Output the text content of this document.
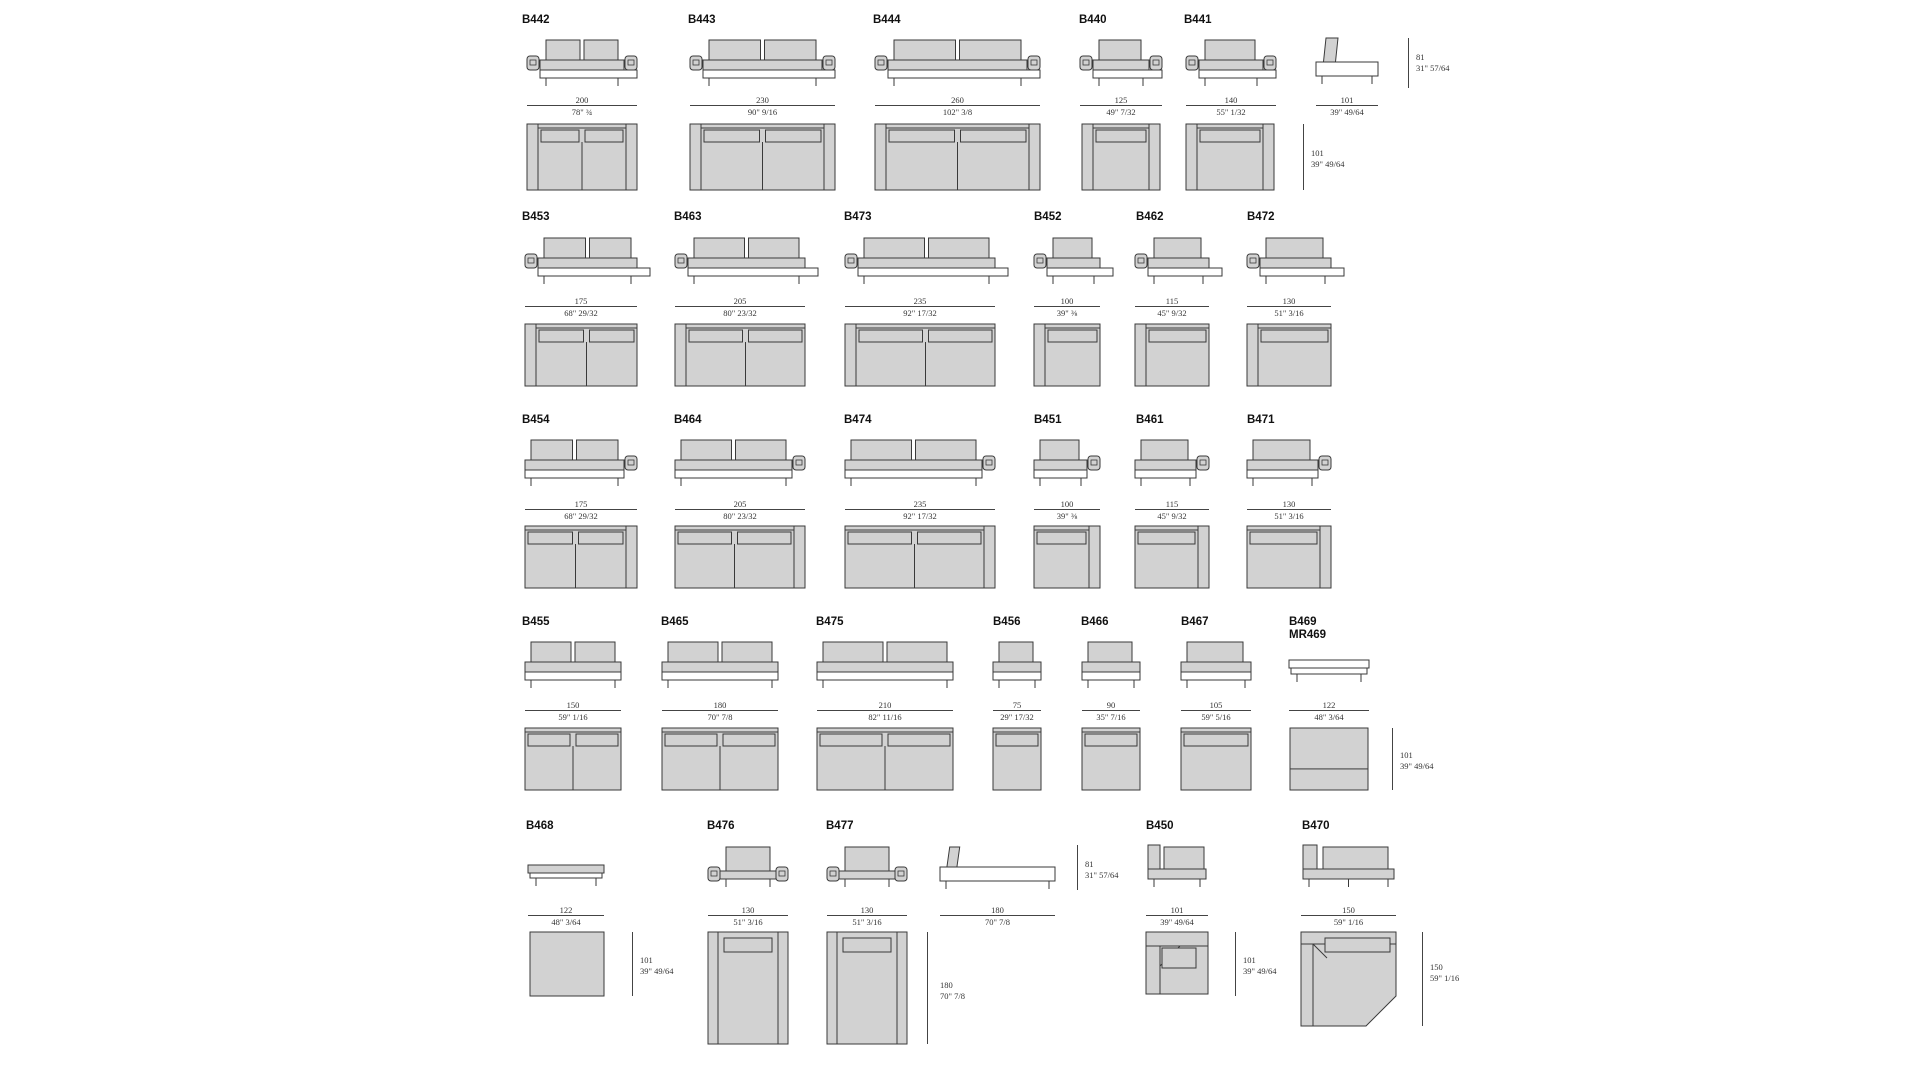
B442
200
78" ¾
B443
230
90" 9/16
B444
260
102" 3/8
B440
125
49" 7/32
B441
140
55" 1/32
101
39" 49/64
B453
175
68" 29/32
B463
205
80" 23/32
B473
235
92" 17/32
B452
100
39" ⅜
B462
115
45" 9/32
B472
130
51" 3/16
B454
175
68" 29/32
B464
205
80" 23/32
B474
235
92" 17/32
B451
100
39" ⅜
B461
115
45" 9/32
B471
130
51" 3/16
B455
150
59" 1/16
B465
180
70" 7/8
B475
210
82" 11/16
B456
75
29" 17/32
B466
90
35" 7/16
B467
105
59" 5/16
B469
MR469
122
48" 3/64
B468
122
48" 3/64
B476
130
51" 3/16
B477
130
51" 3/16
180
70" 7/8
B450
101
39" 49/64
B470
150
59" 1/16
81
31" 57/64
101
39" 49/64
101
39" 49/64
81
31" 57/64
101
39" 49/64
180
70" 7/8
101
39" 49/64	150
59" 1/16
